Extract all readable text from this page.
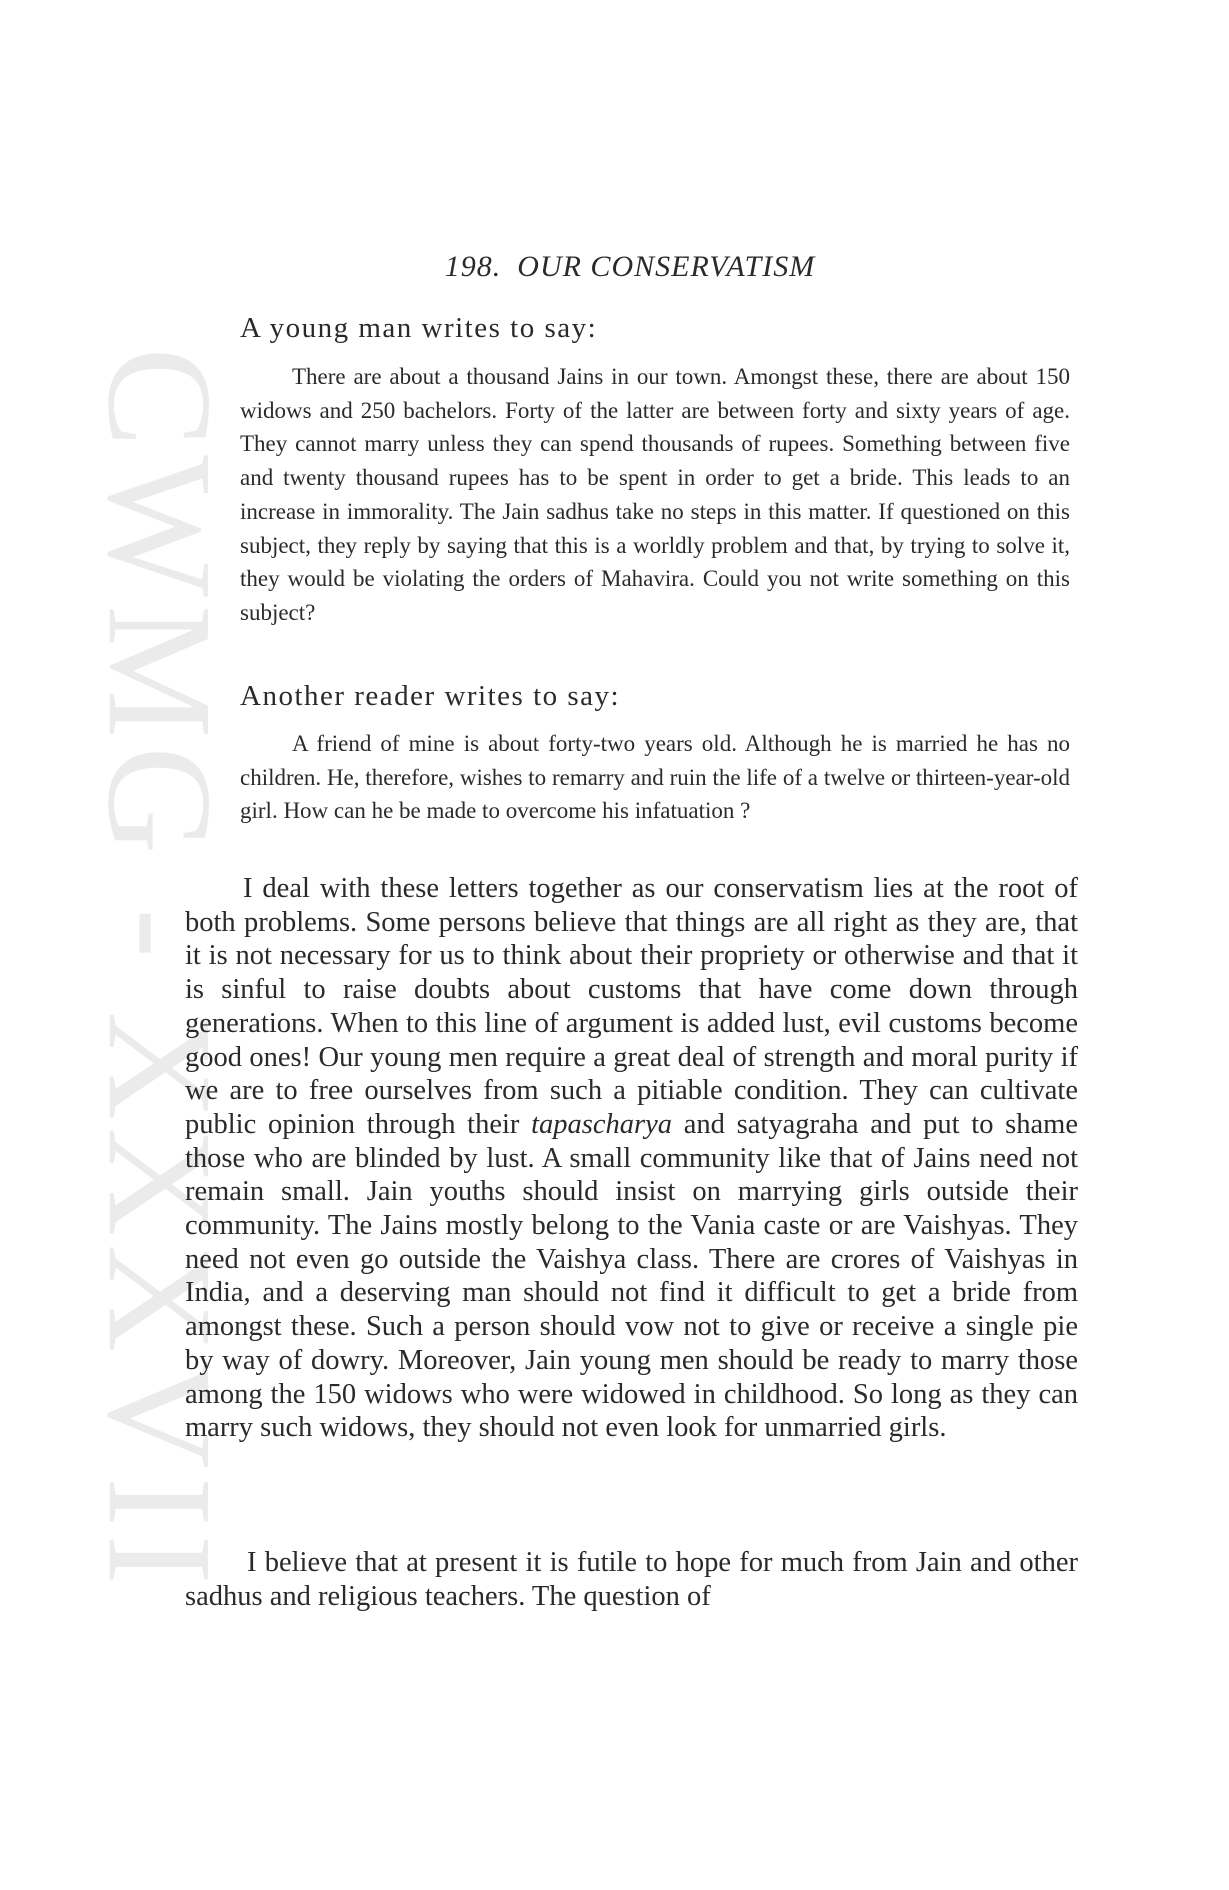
CWMG - XXXVII
198. OUR CONSERVATISM
A young man writes to say:

There are about a thousand Jains in our town. Amongst these, there are about 150 widows and 250 bachelors. Forty of the latter are between forty and sixty years of age. They cannot marry unless they can spend thousands of rupees. Something between five and twenty thousand rupees has to be spent in order to get a bride. This leads to an increase in immorality. The Jain sadhus take no steps in this matter. If questioned on this subject, they reply by saying that this is a worldly problem and that, by trying to solve it, they would be violating the orders of Mahavira. Could you not write something on this subject?

Another reader writes to say:

A friend of mine is about forty-two years old. Although he is married he has no children. He, therefore, wishes to remarry and ruin the life of a twelve or thirteen-year-old girl. How can he be made to overcome his infatuation ?

I deal with these letters together as our conservatism lies at the root of both problems. Some persons believe that things are all right as they are, that it is not necessary for us to think about their propriety or otherwise and that it is sinful to raise doubts about customs that have come down through generations. When to this line of argument is added lust, evil customs become good ones! Our young men require a great deal of strength and moral purity if we are to free ourselves from such a pitiable condition. They can cultivate public opinion through their tapascharya and satyagraha and put to shame those who are blinded by lust. A small community like that of Jains need not remain small. Jain youths should insist on marrying girls outside their community. The Jains mostly belong to the Vania caste or are Vaishyas. They need not even go outside the Vaishya class. There are crores of Vaishyas in India, and a deserving man should not find it difficult to get a bride from amongst these. Such a person should vow not to give or receive a single pie by way of dowry. Moreover, Jain young men should be ready to marry those among the 150 widows who were widowed in childhood. So long as they can marry such widows, they should not even look for unmarried girls.

I believe that at present it is futile to hope for much from Jain and other sadhus and religious teachers. The question of
